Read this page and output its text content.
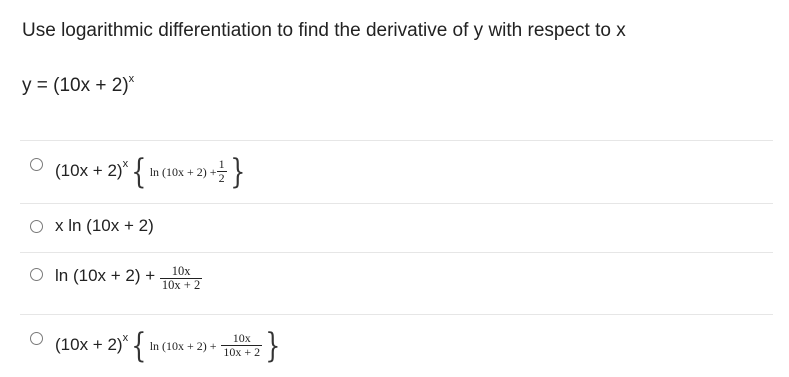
Use logarithmic differentiation to find the derivative of y with respect to x
$y = (10x + 2)^x$
$(10x + 2)^x${ $\ln (10x + 2) + \frac{1}{2}$ }
x ln (10x + 2)
$\ln (10x + 2) + \frac{10x}{10x + 2}$
$(10x + 2)^x${ $\ln (10x + 2) + \frac{10x}{10x + 2}$ }
